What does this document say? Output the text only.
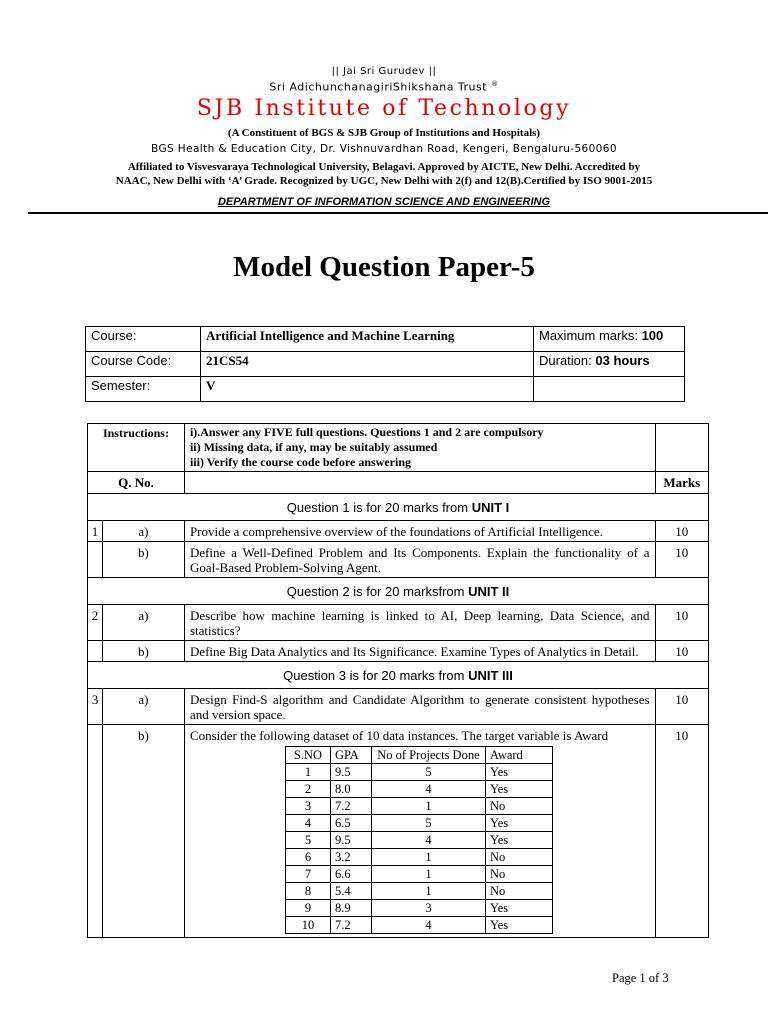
|| Jai Sri Gurudev ||
Sri AdichunchanagiriShikshana Trust ®
SJB Institute of Technology
(A Constituent of BGS & SJB Group of Institutions and Hospitals)
BGS Health & Education City, Dr. Vishnuvardhan Road, Kengeri, Bengaluru-560060
Affiliated to Visvesvaraya Technological University, Belagavi. Approved by AICTE, New Delhi. Accredited by
NAAC, New Delhi with ‘A’ Grade. Recognized by UGC, New Delhi with 2(f) and 12(B).Certified by ISO 9001-2015
DEPARTMENT OF INFORMATION SCIENCE AND ENGINEERING
Model Question Paper-5
Course:	Artificial Intelligence and Machine Learning	Maximum marks: 100
Course Code:	21CS54	Duration: 03 hours
Semester:	V	
Instructions:	i).Answer any FIVE full questions. Questions 1 and 2 are compulsory
ii) Missing data, if any, may be suitably assumed
iii) Verify the course code before answering

Q. No.		Marks
Question 1 is for 20 marks from UNIT I
1	a)	Provide a comprehensive overview of the foundations of Artificial Intelligence.	10
	b)	Define a Well-Defined Problem and Its Components. Explain the functionality of a Goal-Based Problem-Solving Agent.	10
Question 2 is for 20 marksfrom UNIT II
2	a)	Describe how machine learning is linked to AI, Deep learning, Data Science, and statistics?	10
	b)	Define Big Data Analytics and Its Significance. Examine Types of Analytics in Detail.	10
Question 3 is for 20 marks from UNIT III
3	a)	Design Find-S algorithm and Candidate Algorithm to generate consistent hypotheses and version space.	10
	b)	Consider the following dataset of 10 data instances. The target variable is Award
S.NO	GPA	No of Projects Done	Award
1	9.5	5	Yes
2	8.0	4	Yes
3	7.2	1	No
4	6.5	5	Yes
5	9.5	4	Yes
6	3.2	1	No
7	6.6	1	No
8	5.4	1	No
9	8.9	3	Yes
10	7.2	4	Yes
	10
Page 1 of 3
